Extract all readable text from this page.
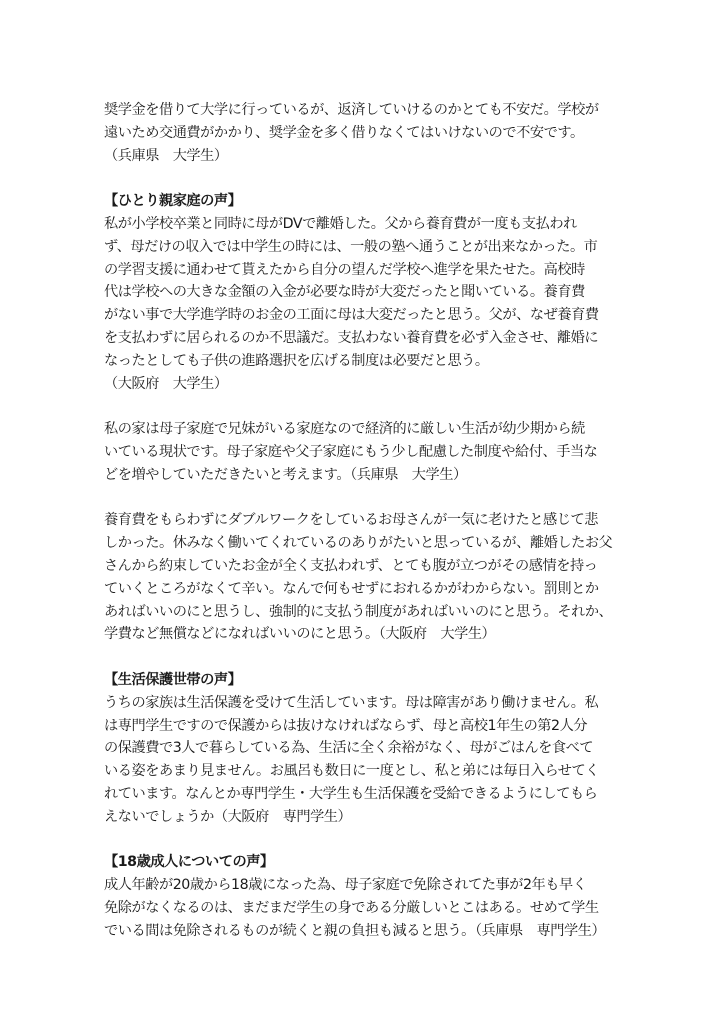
奨学金を借りて大学に行っているが、返済していけるのかとても不安だ。学校が
遠いため交通費がかかり、奨学金を多く借りなくてはいけないので不安です。
（兵庫県　大学生）
【ひとり親家庭の声】
私が小学校卒業と同時に母がDVで離婚した。父から養育費が一度も支払われ
ず、母だけの収入では中学生の時には、一般の塾へ通うことが出来なかった。市
の学習支援に通わせて貰えたから自分の望んだ学校へ進学を果たせた。高校時
代は学校への大きな金額の入金が必要な時が大変だったと聞いている。養育費
がない事で大学進学時のお金の工面に母は大変だったと思う。父が、なぜ養育費
を支払わずに居られるのか不思議だ。支払わない養育費を必ず入金させ、離婚に
なったとしても子供の進路選択を広げる制度は必要だと思う。
（大阪府　大学生）
私の家は母子家庭で兄妹がいる家庭なので経済的に厳しい生活が幼少期から続
いている現状です。母子家庭や父子家庭にもう少し配慮した制度や給付、手当な
どを増やしていただきたいと考えます。（兵庫県　大学生）
養育費をもらわずにダブルワークをしているお母さんが一気に老けたと感じて悲
しかった。休みなく働いてくれているのありがたいと思っているが、離婚したお父
さんから約束していたお金が全く支払われず、とても腹が立つがその感情を持っ
ていくところがなくて辛い。なんで何もせずにおれるかがわからない。罰則とか
あればいいのにと思うし、強制的に支払う制度があればいいのにと思う。それか、
学費など無償などになればいいのにと思う。（大阪府　大学生）
【生活保護世帯の声】
うちの家族は生活保護を受けて生活しています。母は障害があり働けません。私
は専門学生ですので保護からは抜けなければならず、母と高校1年生の第2人分
の保護費で3人で暮らしている為、生活に全く余裕がなく、母がごはんを食べて
いる姿をあまり見ません。お風呂も数日に一度とし、私と弟には毎日入らせてく
れています。なんとか専門学生・大学生も生活保護を受給できるようにしてもら
えないでしょうか（大阪府　専門学生）
【18歳成人についての声】
成人年齢が20歳から18歳になった為、母子家庭で免除されてた事が2年も早く
免除がなくなるのは、まだまだ学生の身である分厳しいとこはある。せめて学生
でいる間は免除されるものが続くと親の負担も減ると思う。（兵庫県　専門学生）
